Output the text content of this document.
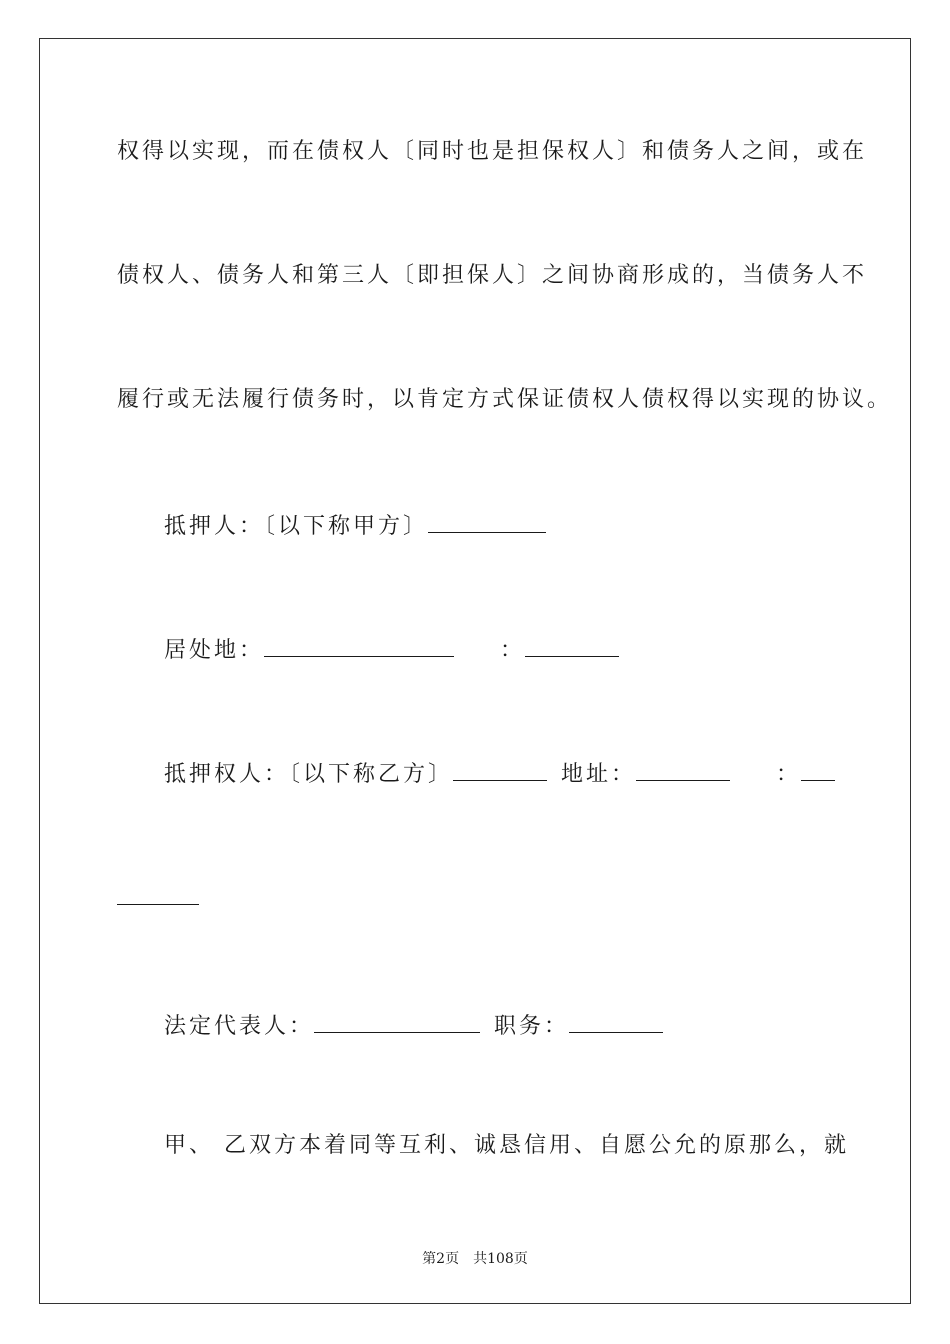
权得以实现，而在债权人〔同时也是担保权人〕和债务人之间，或在
债权人、债务人和第三人〔即担保人〕之间协商形成的，当债务人不
履行或无法履行债务时，以肯定方式保证债权人债权得以实现的协议。
抵押人：〔以下称甲方〕
居处地：	：
抵押权人：〔以下称乙方〕	地址：	：
法定代表人：	职务：
甲、 乙双方本着同等互利、诚恳信用、自愿公允的原那么，就
第2页 共108页
